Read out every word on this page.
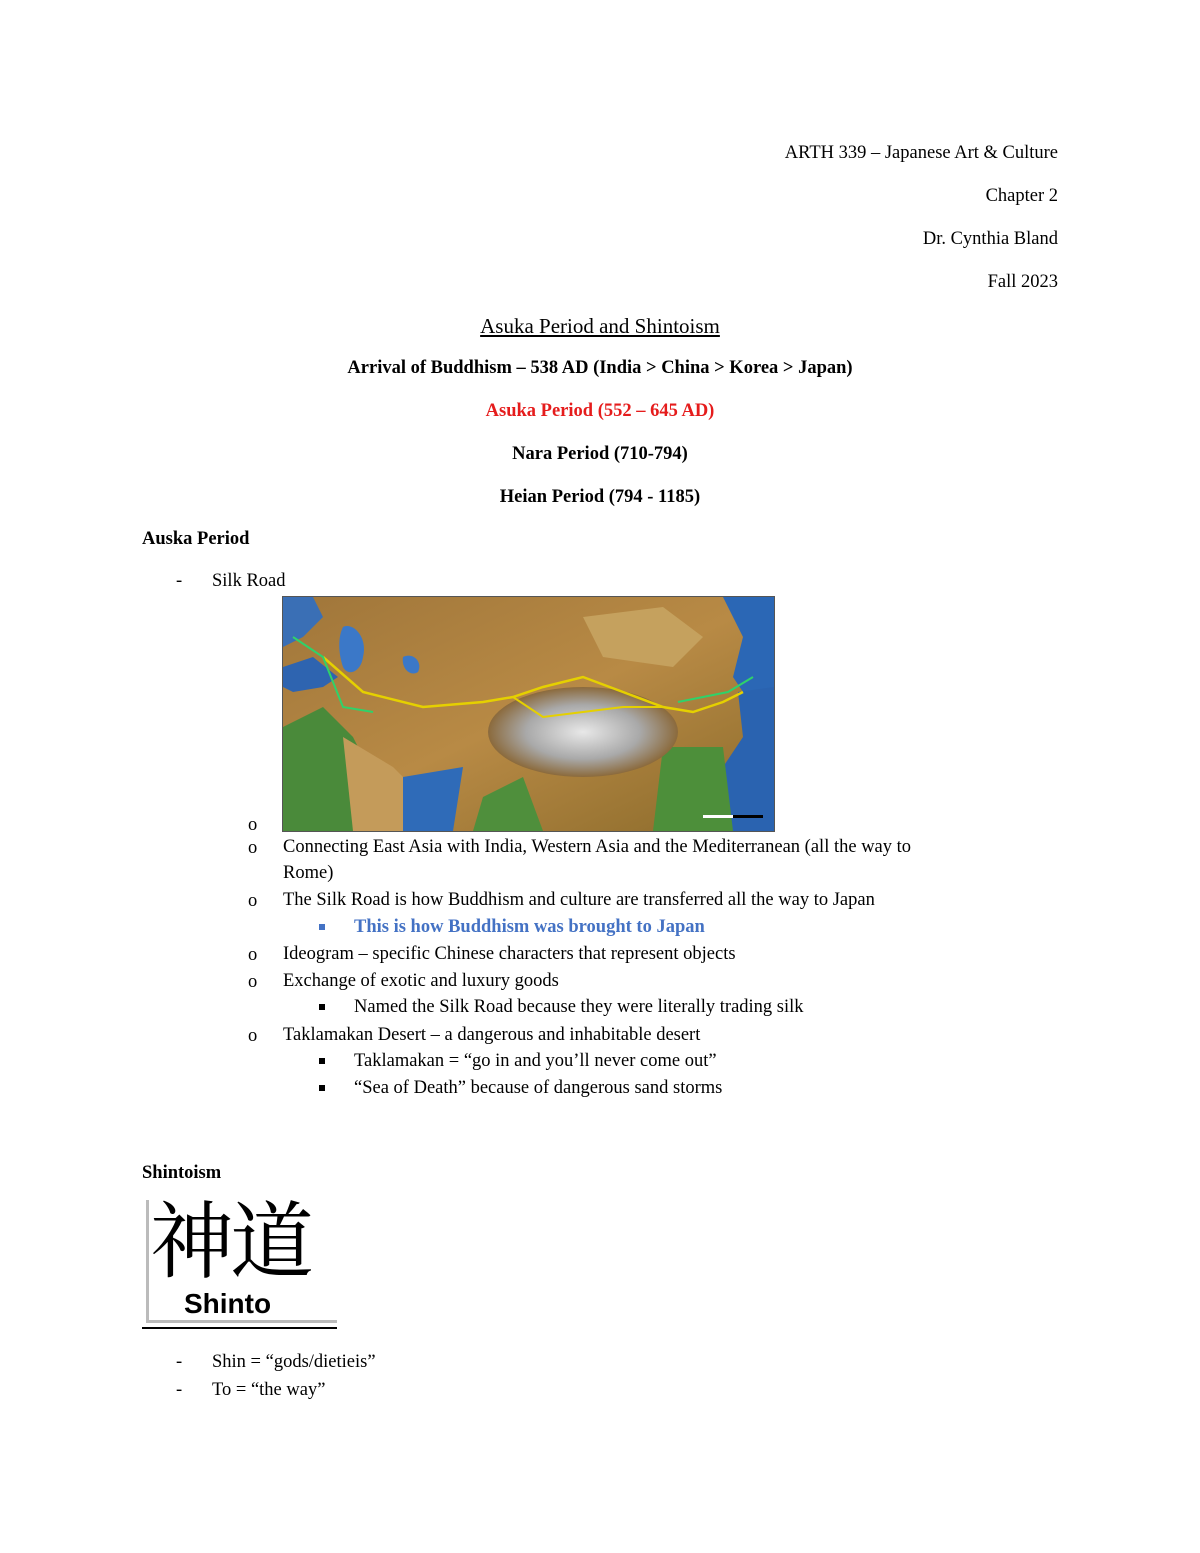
ARTH 339 – Japanese Art & Culture
Chapter 2
Dr. Cynthia Bland
Fall 2023
Asuka Period and Shintoism
Arrival of Buddhism – 538 AD (India > China > Korea > Japan)
Asuka Period (552 – 645 AD)
Nara Period (710-794)
Heian Period (794 - 1185)
Auska Period
- Silk Road
o
o Connecting East Asia with India, Western Asia and the Mediterranean (all the way to
Rome)
o The Silk Road is how Buddhism and culture are transferred all the way to Japan
This is how Buddhism was brought to Japan
o Ideogram – specific Chinese characters that represent objects
o Exchange of exotic and luxury goods
Named the Silk Road because they were literally trading silk
o Taklamakan Desert – a dangerous and inhabitable desert
Taklamakan = “go in and you’ll never come out”
“Sea of Death” because of dangerous sand storms
Shintoism
神道
Shinto
- Shin = “gods/dietieis”
- To = “the way”
